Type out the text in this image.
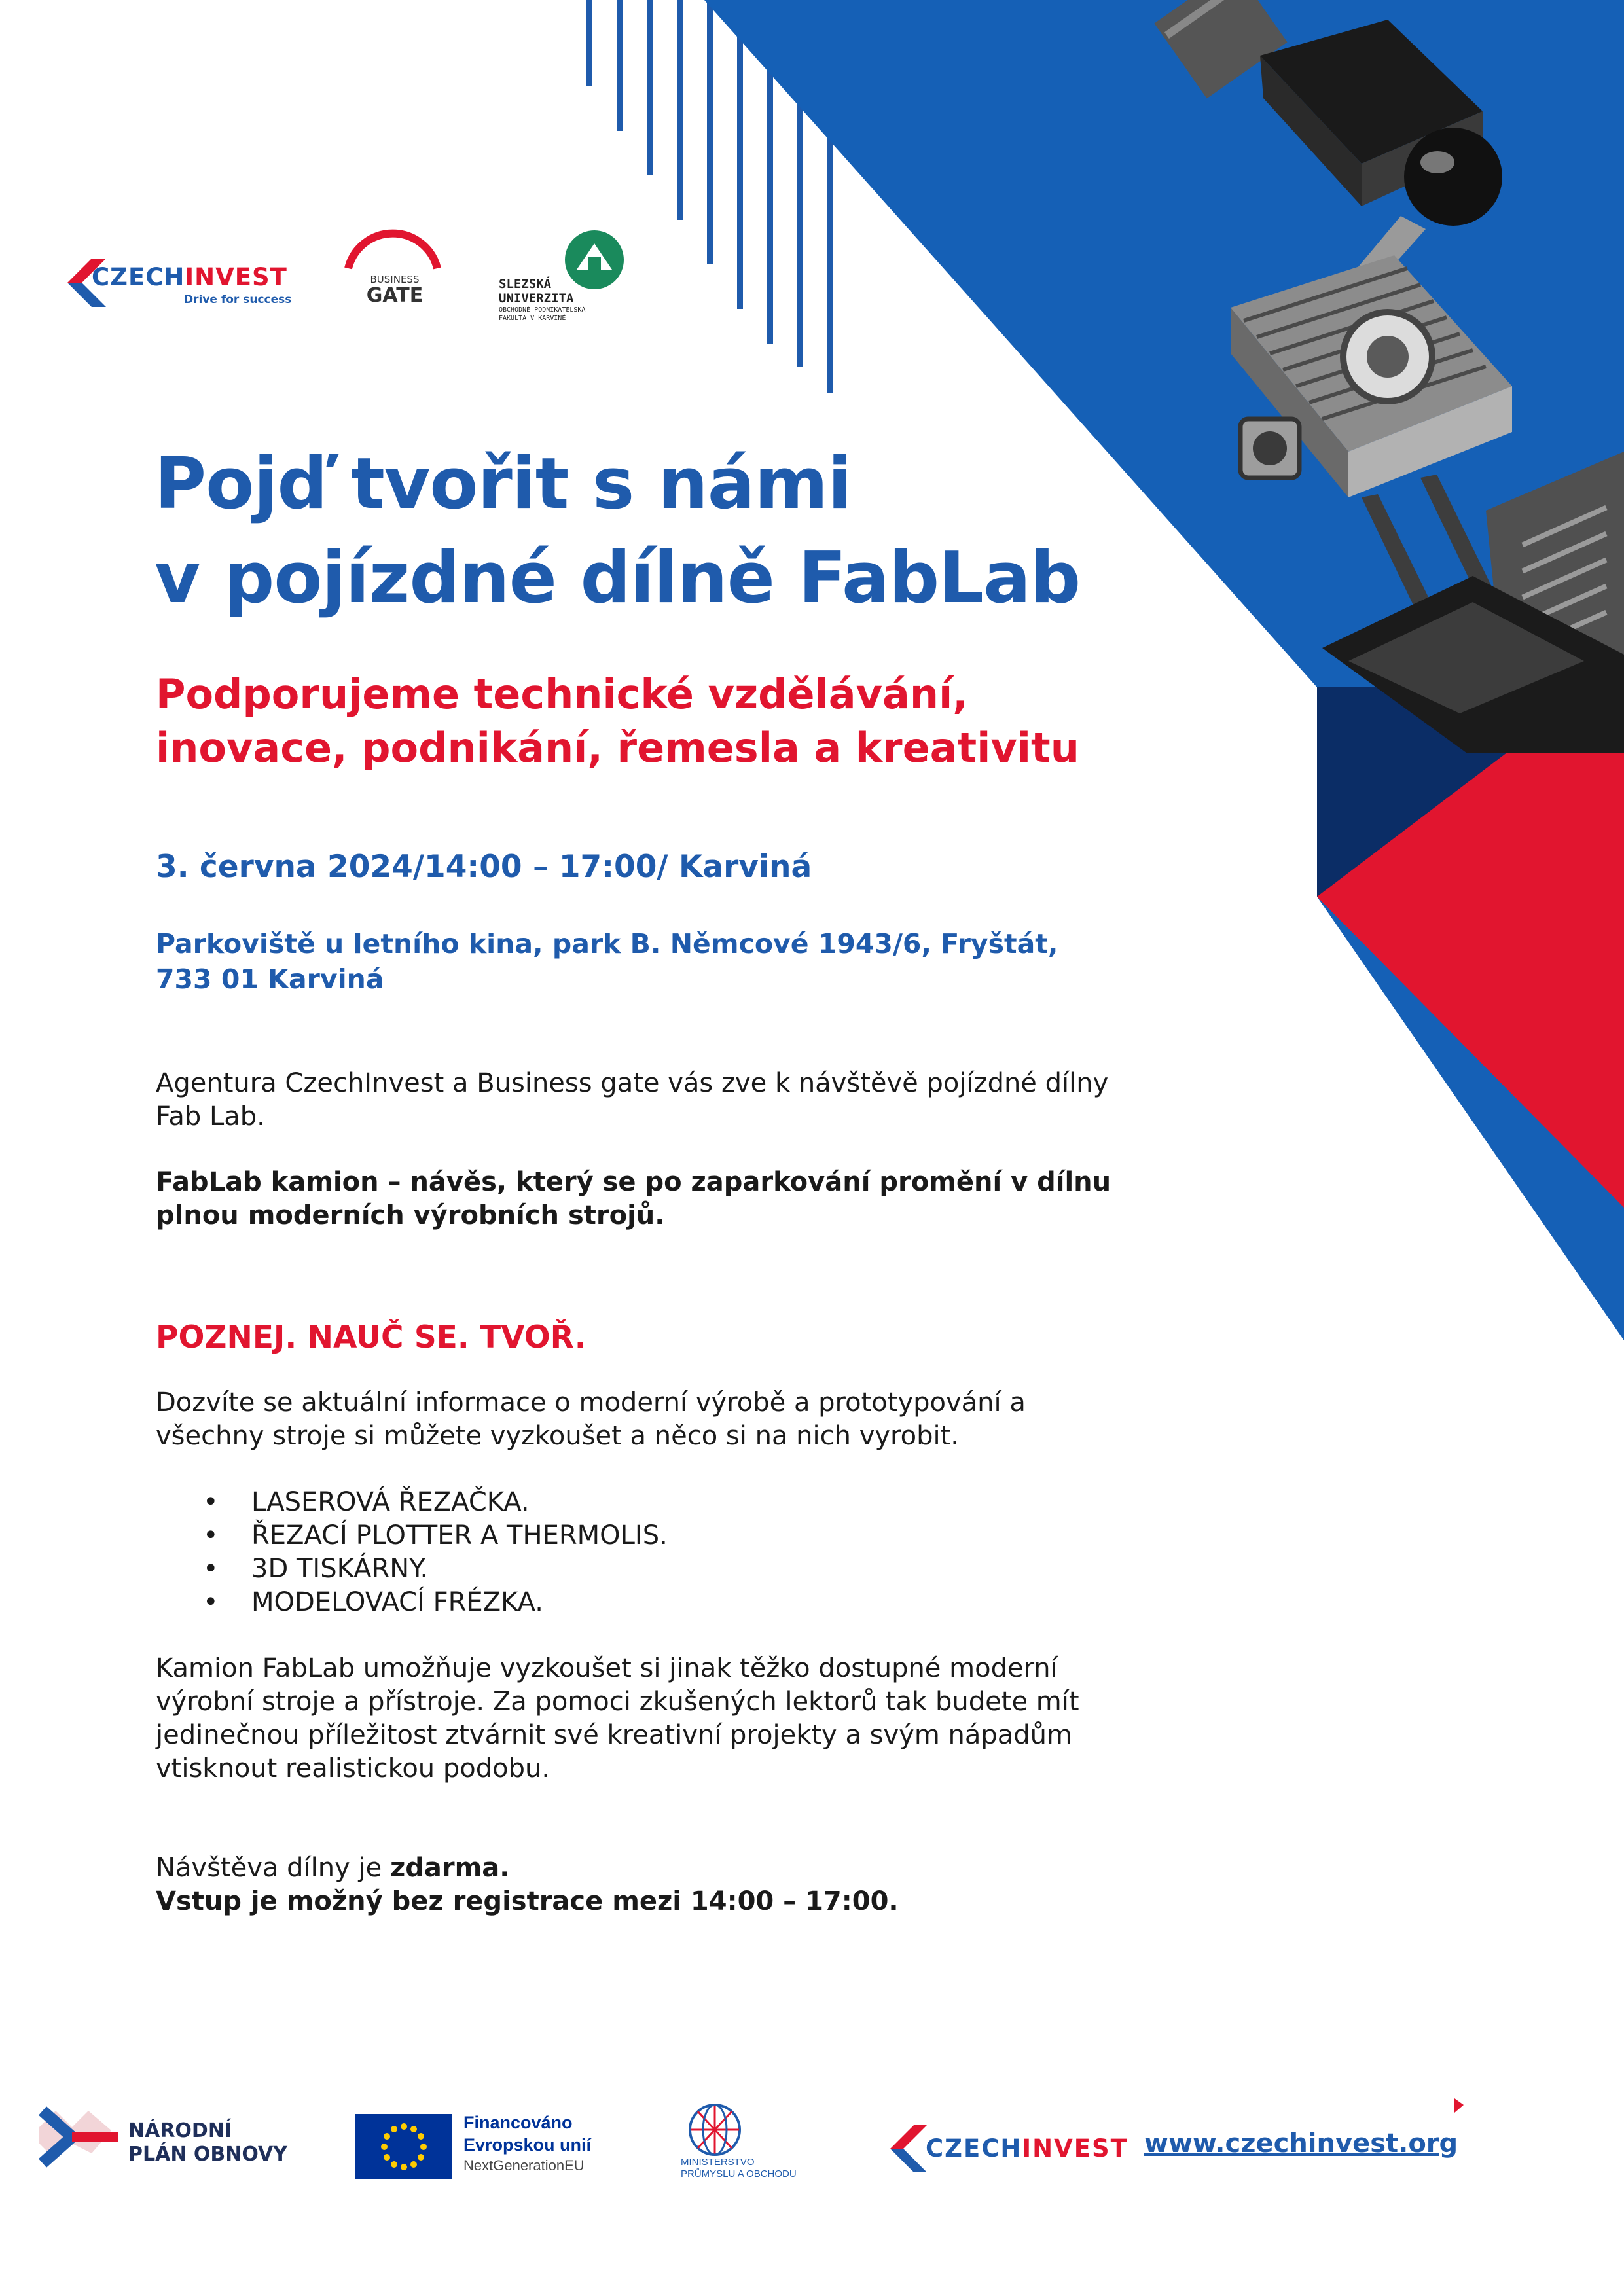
CZECHINVEST
Drive for success
BUSINESS
GATE	SLEZSKÁ
UNIVERZITA
OBCHODNĚ PODNIKATELSKÁ
FAKULTA V KARVINÉ
Pojď tvořit s námi
v pojízdné dílně FabLab
Podporujeme technické vzdělávání,
inovace, podnikání, řemesla a kreativitu
3. června 2024/14:00 – 17:00/ Karviná
Parkoviště u letního kina, park B. Němcové 1943/6, Fryštát,
733 01 Karviná
Agentura CzechInvest a Business gate vás zve k návštěvě pojízdné dílny
Fab Lab.
FabLab kamion – návěs, který se po zaparkování promění v dílnu
plnou moderních výrobních strojů.
POZNEJ. NAUČ SE. TVOŘ.
Dozvíte se aktuální informace o moderní výrobě a prototypování a
všechny stroje si můžete vyzkoušet a něco si na nich vyrobit.
• LASEROVÁ ŘEZAČKA.
• ŘEZACÍ PLOTTER A THERMOLIS.
• 3D TISKÁRNY.
• MODELOVACÍ FRÉZKA.
Kamion FabLab umožňuje vyzkoušet si jinak těžko dostupné moderní
výrobní stroje a přístroje. Za pomoci zkušených lektorů tak budete mít
jedinečnou příležitost ztvárnit své kreativní projekty a svým nápadům
vtisknout realistickou podobu.
Návštěva dílny je zdarma.
Vstup je možný bez registrace mezi 14:00 – 17:00.
NÁRODNÍ
PLÁN OBNOVY
Financováno
Evropskou unií
NextGenerationEU	MINISTERSTVO
PRŮMYSLU A OBCHODU
CZECHINVEST www.czechinvest.org
